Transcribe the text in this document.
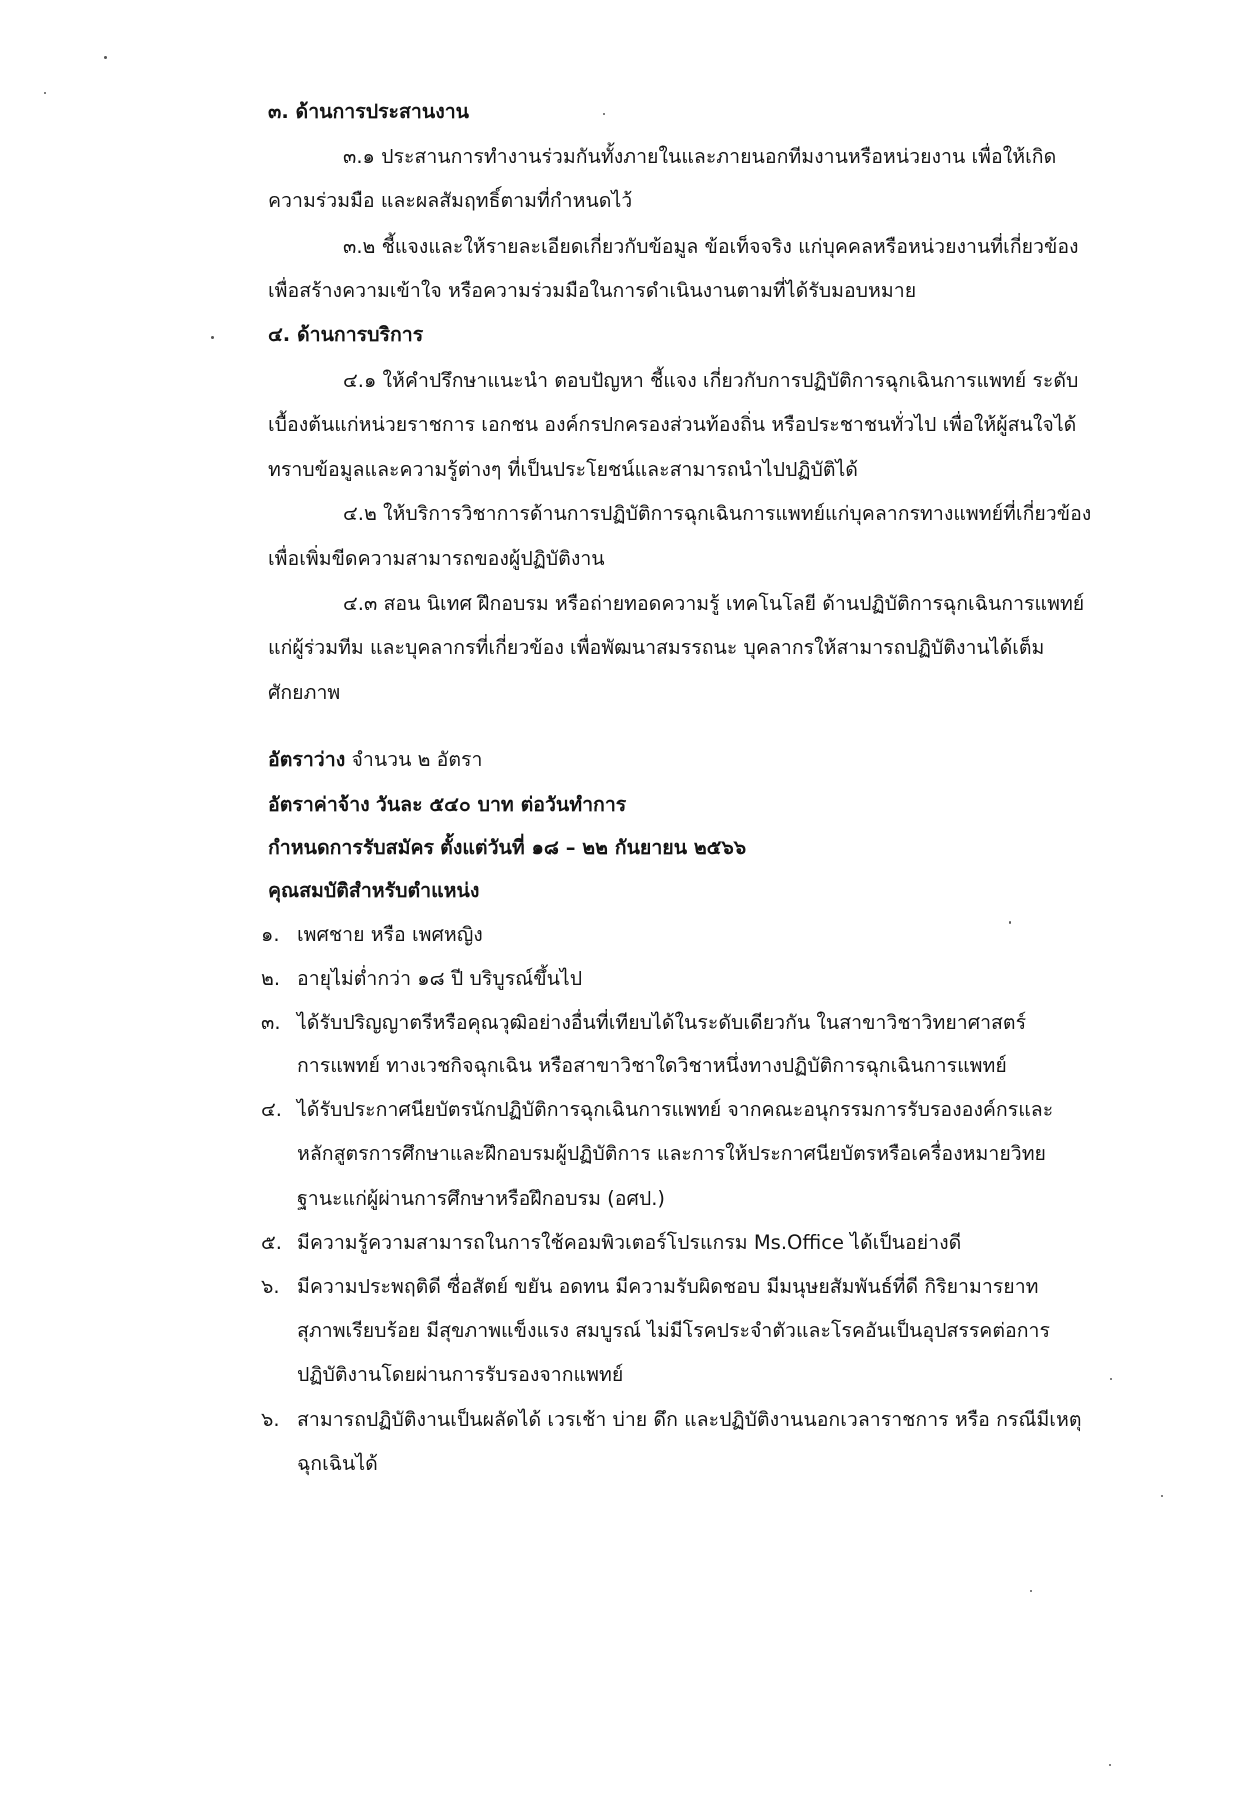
๓. ด้านการประสานงาน

๓.๑ ประสานการทำงานร่วมกันทั้งภายในและภายนอกทีมงานหรือหน่วยงาน เพื่อให้เกิด

ความร่วมมือ และผลสัมฤทธิ์ตามที่กำหนดไว้

๓.๒ ชี้แจงและให้รายละเอียดเกี่ยวกับข้อมูล ข้อเท็จจริง แก่บุคคลหรือหน่วยงานที่เกี่ยวข้อง

เพื่อสร้างความเข้าใจ หรือความร่วมมือในการดำเนินงานตามที่ได้รับมอบหมาย

๔. ด้านการบริการ

๔.๑ ให้คำปรึกษาแนะนำ ตอบปัญหา ชี้แจง เกี่ยวกับการปฏิบัติการฉุกเฉินการแพทย์ ระดับ

เบื้องต้นแก่หน่วยราชการ เอกชน องค์กรปกครองส่วนท้องถิ่น หรือประชาชนทั่วไป เพื่อให้ผู้สนใจได้

ทราบข้อมูลและความรู้ต่างๆ ที่เป็นประโยชน์และสามารถนำไปปฏิบัติได้

๔.๒ ให้บริการวิชาการด้านการปฏิบัติการฉุกเฉินการแพทย์แก่บุคลากรทางแพทย์ที่เกี่ยวข้อง

เพื่อเพิ่มขีดความสามารถของผู้ปฏิบัติงาน

๔.๓ สอน นิเทศ ฝึกอบรม หรือถ่ายทอดความรู้ เทคโนโลยี ด้านปฏิบัติการฉุกเฉินการแพทย์

แก่ผู้ร่วมทีม และบุคลากรที่เกี่ยวข้อง เพื่อพัฒนาสมรรถนะ บุคลากรให้สามารถปฏิบัติงานได้เต็ม

ศักยภาพ

อัตราว่าง จำนวน ๒ อัตรา

อัตราค่าจ้าง วันละ ๕๔๐ บาท ต่อวันทำการ

กำหนดการรับสมัคร ตั้งแต่วันที่ ๑๘ – ๒๒ กันยายน ๒๕๖๖

คุณสมบัติสำหรับตำแหน่ง

๑. เพศชาย หรือ เพศหญิง

๒. อายุไม่ต่ำกว่า ๑๘ ปี บริบูรณ์ขึ้นไป

๓. ได้รับปริญญาตรีหรือคุณวุฒิอย่างอื่นที่เทียบได้ในระดับเดียวกัน ในสาขาวิชาวิทยาศาสตร์

การแพทย์ ทางเวชกิจฉุกเฉิน หรือสาขาวิชาใดวิชาหนึ่งทางปฏิบัติการฉุกเฉินการแพทย์

๔. ได้รับประกาศนียบัตรนักปฏิบัติการฉุกเฉินการแพทย์ จากคณะอนุกรรมการรับรององค์กรและ

หลักสูตรการศึกษาและฝึกอบรมผู้ปฏิบัติการ และการให้ประกาศนียบัตรหรือเครื่องหมายวิทย

ฐานะแก่ผู้ผ่านการศึกษาหรือฝึกอบรม (อศป.)

๕. มีความรู้ความสามารถในการใช้คอมพิวเตอร์โปรแกรม Ms.Office ได้เป็นอย่างดี

๖. มีความประพฤติดี ซื่อสัตย์ ขยัน อดทน มีความรับผิดชอบ มีมนุษยสัมพันธ์ที่ดี กิริยามารยาท

สุภาพเรียบร้อย มีสุขภาพแข็งแรง สมบูรณ์ ไม่มีโรคประจำตัวและโรคอันเป็นอุปสรรคต่อการ

ปฏิบัติงานโดยผ่านการรับรองจากแพทย์

๖. สามารถปฏิบัติงานเป็นผลัดได้ เวรเช้า บ่าย ดึก และปฏิบัติงานนอกเวลาราชการ หรือ กรณีมีเหตุ

ฉุกเฉินได้
